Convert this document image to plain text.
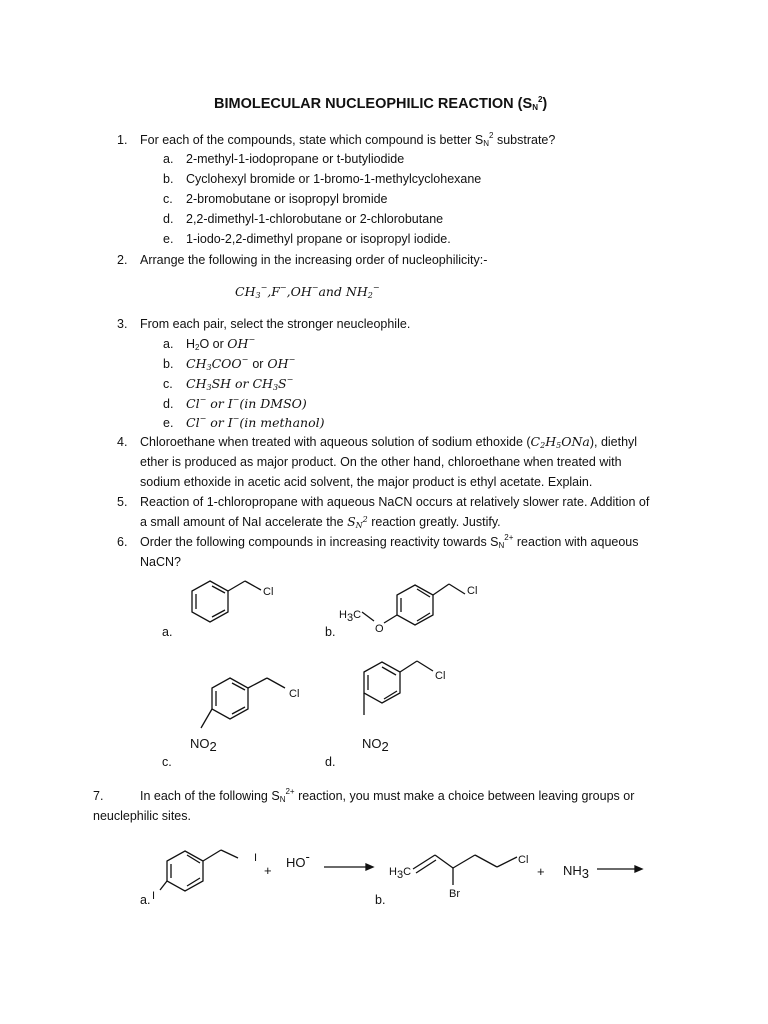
BIMOLECULAR NUCLEOPHILIC REACTION $(S_N^2)$
1. For each of the compounds, state which compound is better $S_N^2$ substrate?
a. 2-methyl-1-iodopropane or t-butyliodide
b. Cyclohexyl bromide or 1-bromo-1-methylcyclohexane
c. 2-bromobutane or isopropyl bromide
d. 2,2-dimethyl-1-chlorobutane or 2-chlorobutane
e. 1-iodo-2,2-dimethyl propane or isopropyl iodide.
2. Arrange the following in the increasing order of nucleophilicity:-
$CH_3^-,F^-,OH^-and$ $NH_2^-$
3. From each pair, select the stronger neucleophile.
a. $H_2O$ or OH−
b. $CH_3COO^-$ or OH−
c. $CH_3SH$ or $CH_3S^-$
d. Cl− or I−(in DMSO)
e. Cl− or I−(in methanol)
4. Chloroethane when treated with aqueous solution of sodium ethoxide $(C_2H_5ONa)$, diethyl
ether is produced as major product. On the other hand, chloroethane when treated with
sodium ethoxide in acetic acid solvent, the major product is ethyl acetate. Explain.
5. Reaction of 1-chloropropane with aqueous NaCN occurs at relatively slower rate. Addition of
a small amount of NaI accelerate the $S_{N^2}$ reaction greatly. Justify.
6. Order the following compounds in increasing reactivity towards $S_N^{2+}$ reaction with aqueous
NaCN?
Cl
a.
H3C
O
Cl
b.
Cl
NO2
c.
Cl
NO2
d.
7.	In each of the following $S_N^{2+}$ reaction, you must make a choice between leaving groups or
neuclephilic sites.
I
I
+
HO-
a.
H3C
Br
Cl
+ NH3
b.
